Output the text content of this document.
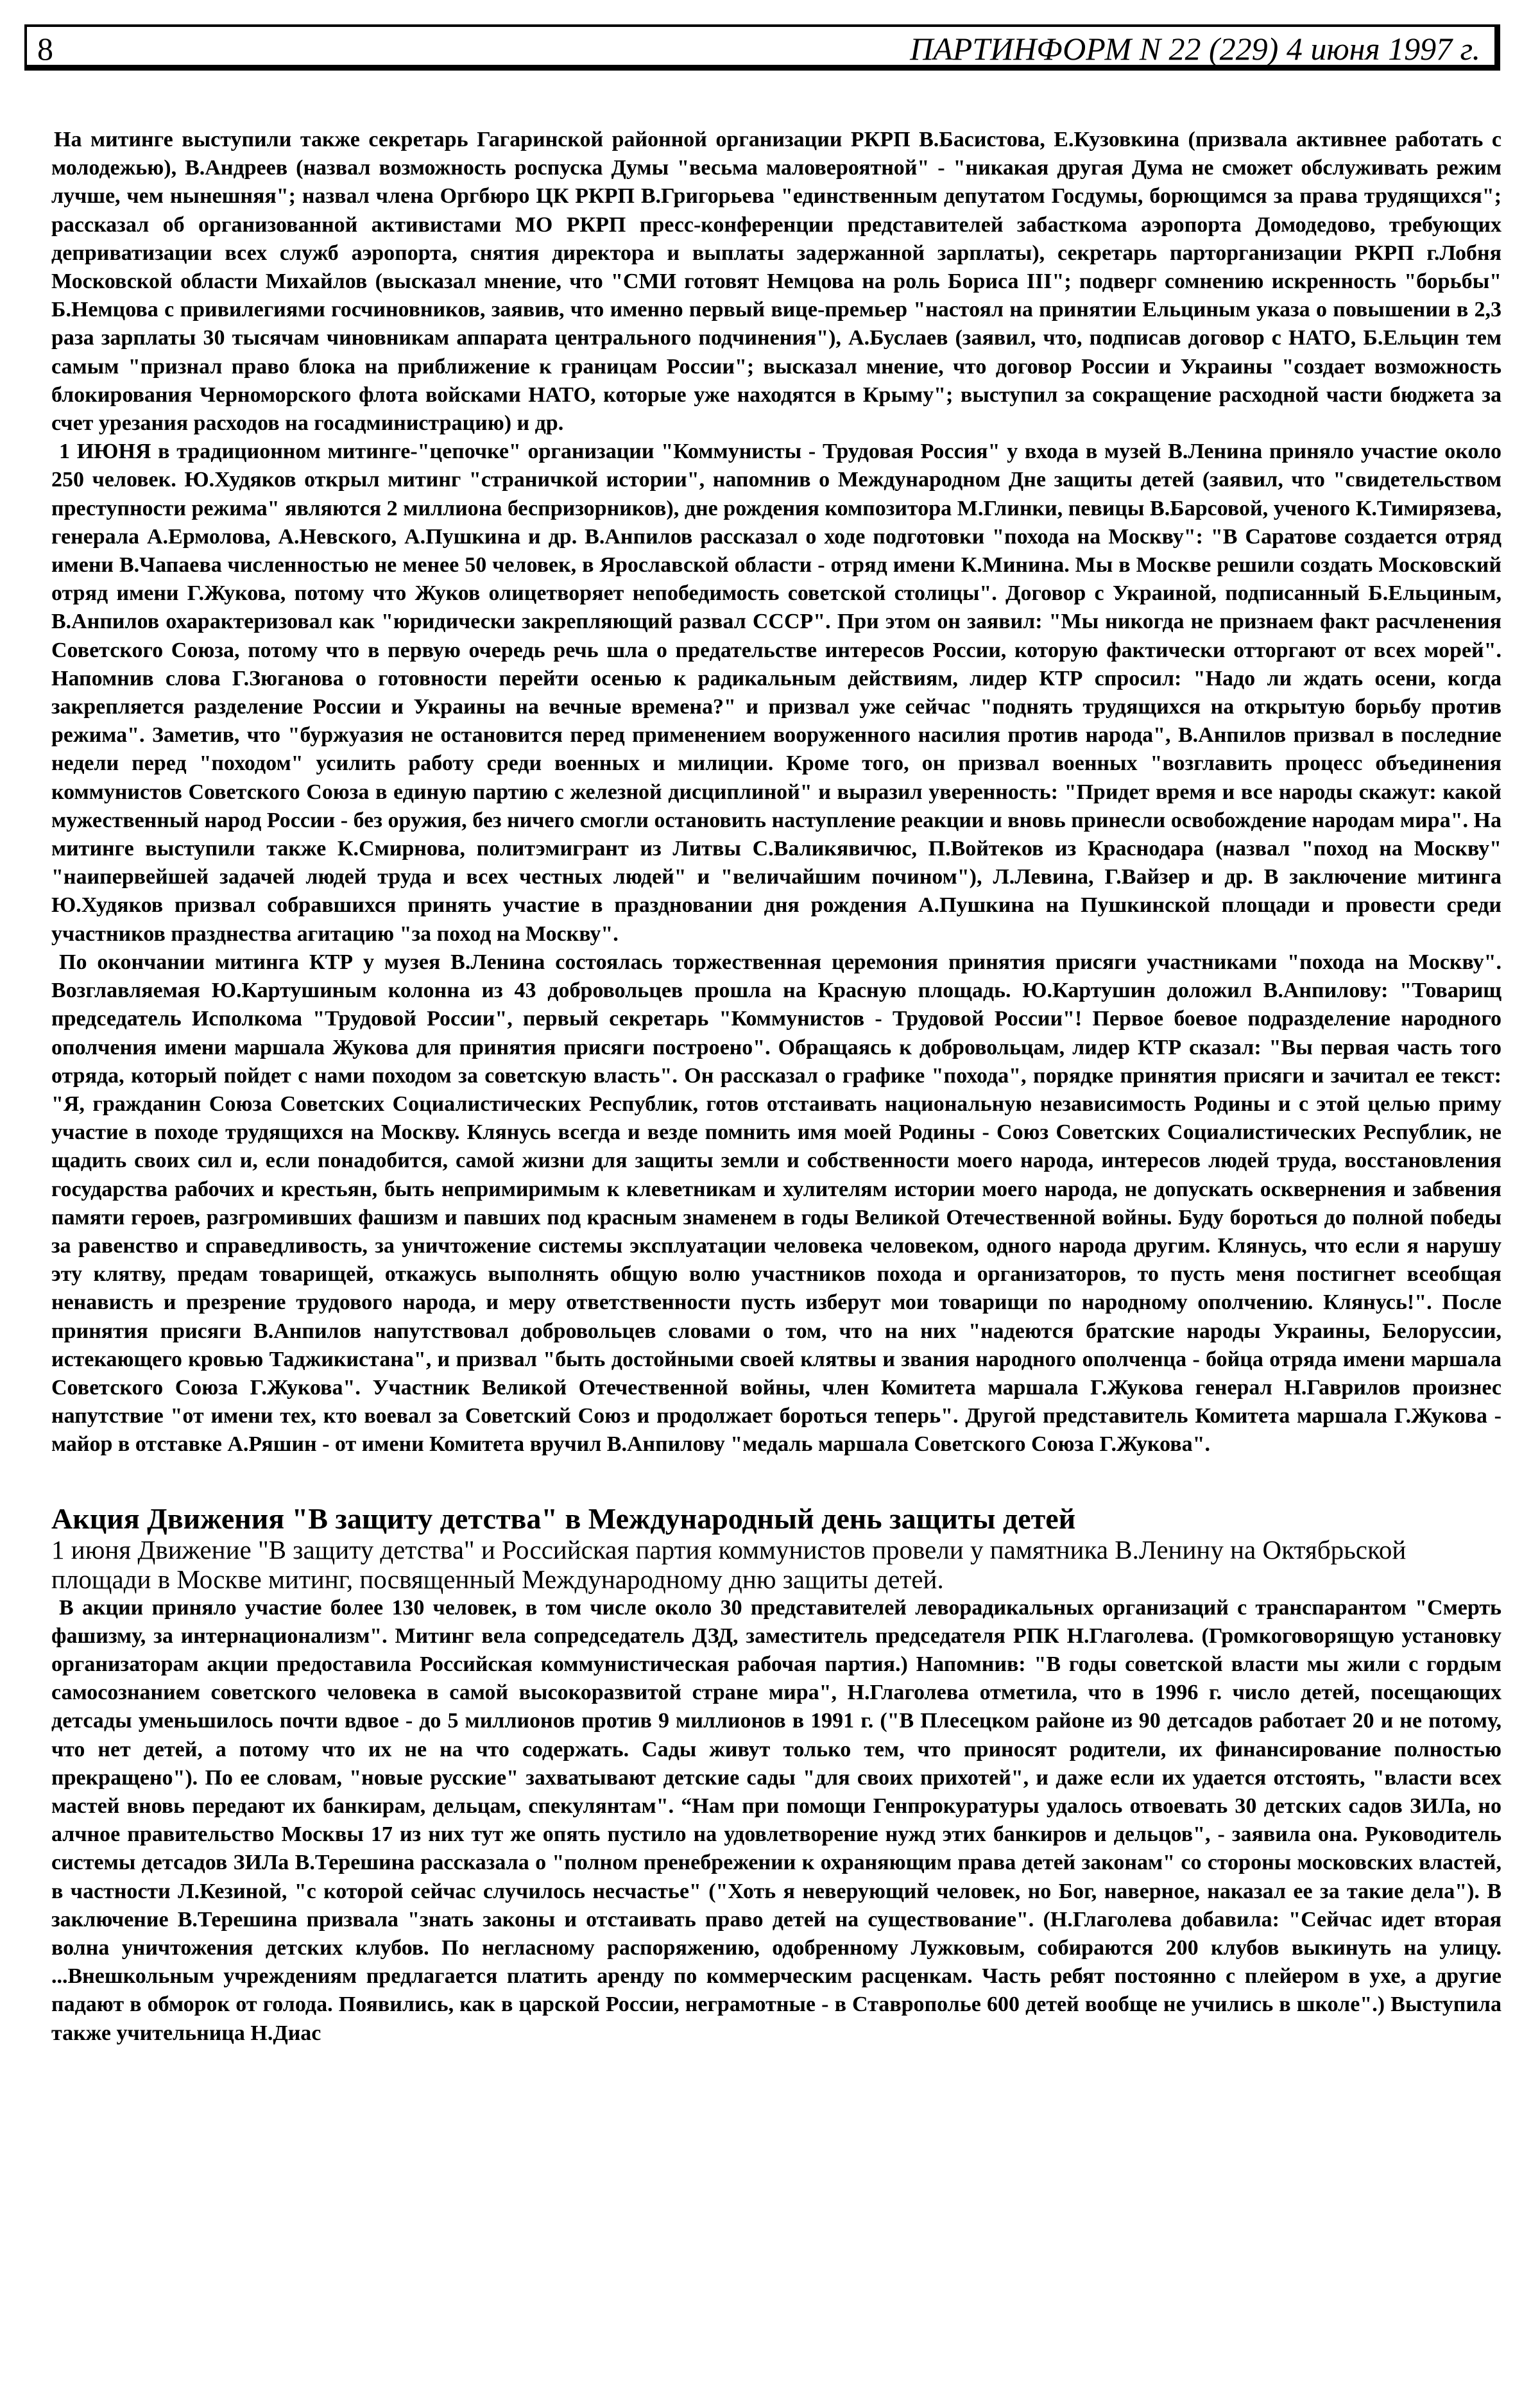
8	ПАРТИНФОРМ N 22 (229) 4 июня 1997 г.

На митинге выступили также секретарь Гагаринской районной организации РКРП В.Басистова, Е.Кузовкина (призвала активнее работать с молодежью), В.Андреев (назвал возможность роспуска Думы "весьма маловероятной" - "никакая другая Дума не сможет обслуживать режим лучше, чем нынешняя"; назвал члена Оргбюро ЦК РКРП В.Григорьева "единственным депутатом Госдумы, борющимся за права трудящихся"; рассказал об организованной активистами МО РКРП пресс-конференции представителей забасткома аэропорта Домодедово, требующих деприватизации всех служб аэропорта, снятия директора и выплаты задержанной зарплаты), секретарь парторганизации РКРП г.Лобня Московской области Михайлов (высказал мнение, что "СМИ готовят Немцова на роль Бориса III"; подверг сомнению искренность "борьбы" Б.Немцова с привилегиями госчиновников, заявив, что именно первый вице-премьер "настоял на принятии Ельциным указа о повышении в 2,3 раза зарплаты 30 тысячам чиновникам аппарата центрального подчинения"), А.Буслаев (заявил, что, подписав договор с НАТО, Б.Ельцин тем самым "признал право блока на приближение к границам России"; высказал мнение, что договор России и Украины "создает возможность блокирования Черноморского флота войсками НАТО, которые уже находятся в Крыму"; выступил за сокращение расходной части бюджета за счет урезания расходов на госадминистрацию) и др.

1 ИЮНЯ в традиционном митинге-"цепочке" организации "Коммунисты - Трудовая Россия" у входа в музей В.Ленина приняло участие около 250 человек. Ю.Худяков открыл митинг "страничкой истории", напомнив о Международном Дне защиты детей (заявил, что "свидетельством преступности режима" являются 2 миллиона беспризорников), дне рождения композитора М.Глинки, певицы В.Барсовой, ученого К.Тимирязева, генерала А.Ермолова, А.Невского, А.Пушкина и др. В.Анпилов рассказал о ходе подготовки "похода на Москву": "В Саратове создается отряд имени В.Чапаева численностью не менее 50 человек, в Ярославской области - отряд имени К.Минина. Мы в Москве решили создать Московский отряд имени Г.Жукова, потому что Жуков олицетворяет непобедимость советской столицы". Договор с Украиной, подписанный Б.Ельциным, В.Анпилов охарактеризовал как "юридически закрепляющий развал СССР". При этом он заявил: "Мы никогда не признаем факт расчленения Советского Союза, потому что в первую очередь речь шла о предательстве интересов России, которую фактически отторгают от всех морей". Напомнив слова Г.Зюганова о готовности перейти осенью к радикальным действиям, лидер КТР спросил: "Надо ли ждать осени, когда закрепляется разделение России и Украины на вечные времена?" и призвал уже сейчас "поднять трудящихся на открытую борьбу против режима". Заметив, что "буржуазия не остановится перед применением вооруженного насилия против народа", В.Анпилов призвал в последние недели перед "походом" усилить работу среди военных и милиции. Кроме того, он призвал военных "возглавить процесс объединения коммунистов Советского Союза в единую партию с железной дисциплиной" и выразил уверенность: "Придет время и все народы скажут: какой мужественный народ России - без оружия, без ничего смогли остановить наступление реакции и вновь принесли освобождение народам мира". На митинге выступили также К.Смирнова, политэмигрант из Литвы С.Валикявичюс, П.Войтеков из Краснодара (назвал "поход на Москву" "наипервейшей задачей людей труда и всех честных людей" и "величайшим почином"), Л.Левина, Г.Вайзер и др. В заключение митинга Ю.Худяков призвал собравшихся принять участие в праздновании дня рождения А.Пушкина на Пушкинской площади и провести среди участников празднества агитацию "за поход на Москву".

По окончании митинга КТР у музея В.Ленина состоялась торжественная церемония принятия присяги участниками "похода на Москву". Возглавляемая Ю.Картушиным колонна из 43 добровольцев прошла на Красную площадь. Ю.Картушин доложил В.Анпилову: "Товарищ председатель Исполкома "Трудовой России", первый секретарь "Коммунистов - Трудовой России"! Первое боевое подразделение народного ополчения имени маршала Жукова для принятия присяги построено". Обращаясь к добровольцам, лидер КТР сказал: "Вы первая часть того отряда, который пойдет с нами походом за советскую власть". Он рассказал о графике "похода", порядке принятия присяги и зачитал ее текст: "Я, гражданин Союза Советских Социалистических Республик, готов отстаивать национальную независимость Родины и с этой целью приму участие в походе трудящихся на Москву. Клянусь всегда и везде помнить имя моей Родины - Союз Советских Социалистических Республик, не щадить своих сил и, если понадобится, самой жизни для защиты земли и собственности моего народа, интересов людей труда, восстановления государства рабочих и крестьян, быть непримиримым к клеветникам и хулителям истории моего народа, не допускать осквернения и забвения памяти героев, разгромивших фашизм и павших под красным знаменем в годы Великой Отечественной войны. Буду бороться до полной победы за равенство и справедливость, за уничтожение системы эксплуатации человека человеком, одного народа другим. Клянусь, что если я нарушу эту клятву, предам товарищей, откажусь выполнять общую волю участников похода и организаторов, то пусть меня постигнет всеобщая ненависть и презрение трудового народа, и меру ответственности пусть изберут мои товарищи по народному ополчению. Клянусь!". После принятия присяги В.Анпилов напутствовал добровольцев словами о том, что на них "надеются братские народы Украины, Белоруссии, истекающего кровью Таджикистана", и призвал "быть достойными своей клятвы и звания народного ополченца - бойца отряда имени маршала Советского Союза Г.Жукова". Участник Великой Отечественной войны, член Комитета маршала Г.Жукова генерал Н.Гаврилов произнес напутствие "от имени тех, кто воевал за Советский Союз и продолжает бороться теперь". Другой представитель Комитета маршала Г.Жукова - майор в отставке А.Ряшин - от имени Комитета вручил В.Анпилову "медаль маршала Советского Союза Г.Жукова".

Акция Движения "В защиту детства" в Международный день защиты детей

1 июня Движение "В защиту детства" и Российская партия коммунистов провели у памятника В.Ленину на Октябрьской площади в Москве митинг, посвященный Международному дню защиты детей.

В акции приняло участие более 130 человек, в том числе около 30 представителей леворадикальных организаций с транспарантом "Смерть фашизму, за интернационализм". Митинг вела сопредседатель ДЗД, заместитель председателя РПК Н.Глаголева. (Громкоговорящую установку организаторам акции предоставила Российская коммунистическая рабочая партия.) Напомнив: "В годы советской власти мы жили с гордым самосознанием советского человека в самой высокоразвитой стране мира", Н.Глаголева отметила, что в 1996 г. число детей, посещающих детсады уменьшилось почти вдвое - до 5 миллионов против 9 миллионов в 1991 г. ("В Плесецком районе из 90 детсадов работает 20 и не потому, что нет детей, а потому что их не на что содержать. Сады живут только тем, что приносят родители, их финансирование полностью прекращено"). По ее словам, "новые русские" захватывают детские сады "для своих прихотей", и даже если их удается отстоять, "власти всех мастей вновь передают их банкирам, дельцам, спекулянтам". “Нам при помощи Генпрокуратуры удалось отвоевать 30 детских садов ЗИЛа, но алчное правительство Москвы 17 из них тут же опять пустило на удовлетворение нужд этих банкиров и дельцов", - заявила она. Руководитель системы детсадов ЗИЛа В.Терешина рассказала о "полном пренебрежении к охраняющим права детей законам" со стороны московских властей, в частности Л.Кезиной, "с которой сейчас случилось несчастье" ("Хоть я неверующий человек, но Бог, наверное, наказал ее за такие дела"). В заключение В.Терешина призвала "знать законы и отстаивать право детей на существование". (Н.Глаголева добавила: "Сейчас идет вторая волна уничтожения детских клубов. По негласному распоряжению, одобренному Лужковым, собираются 200 клубов выкинуть на улицу. ...Внешкольным учреждениям предлагается платить аренду по коммерческим расценкам. Часть ребят постоянно с плейером в ухе, а другие падают в обморок от голода. Появились, как в царской России, неграмотные - в Ставрополье 600 детей вообще не учились в школе".) Выступила также учительница Н.Диас
